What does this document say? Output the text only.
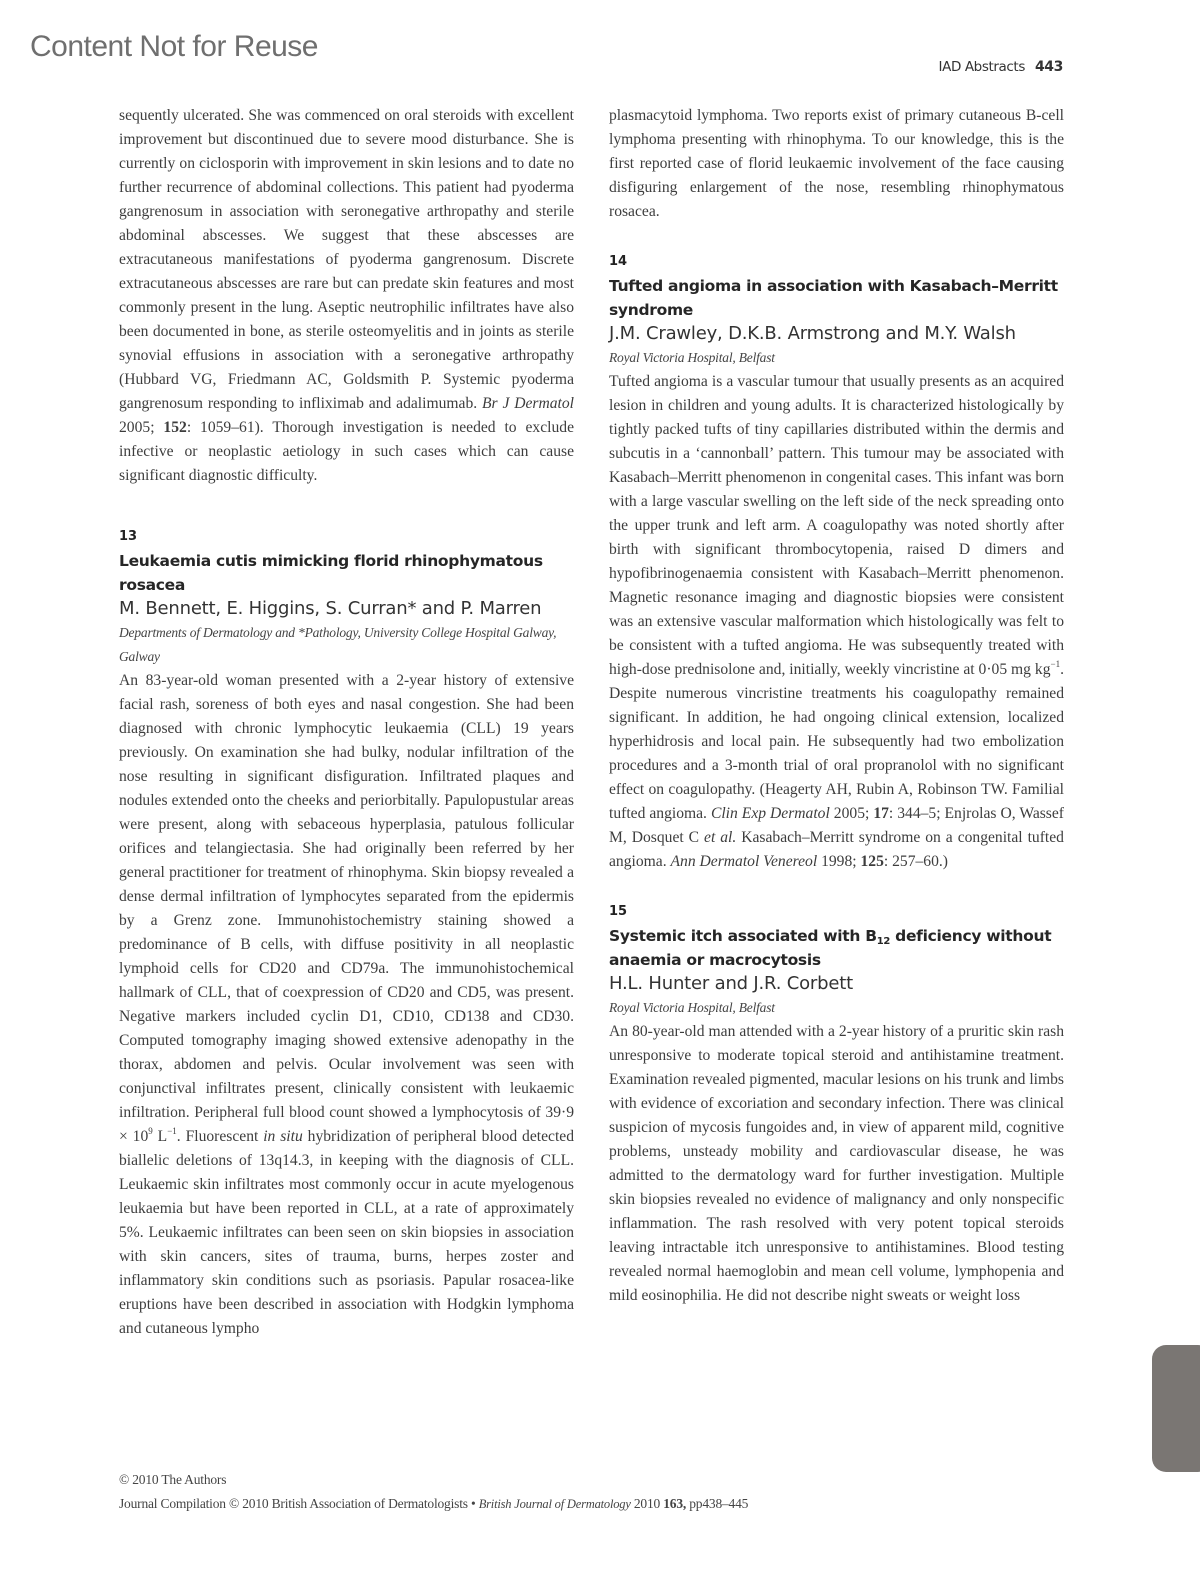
Content Not for Reuse
IAD Abstracts 443

sequently ulcerated. She was commenced on oral steroids with excellent improvement but discontinued due to severe mood disturbance. She is currently on ciclosporin with improvement in skin lesions and to date no further recurrence of abdominal collections. This patient had pyoderma gangrenosum in association with seronegative arthropathy and sterile abdominal abscesses. We suggest that these abscesses are extracutaneous manifestations of pyoderma gangrenosum. Discrete extracutaneous abscesses are rare but can predate skin features and most commonly present in the lung. Aseptic neutrophilic infiltrates have also been documented in bone, as sterile osteomyelitis and in joints as sterile synovial effusions in association with a seronegative arthropathy (Hubbard VG, Friedmann AC, Goldsmith P. Systemic pyoderma gangrenosum responding to infliximab and adalimumab. Br J Dermatol 2005; 152: 1059–61). Thorough investigation is needed to exclude infective or neoplastic aetiology in such cases which can cause significant diagnostic difficulty.

13
Leukaemia cutis mimicking florid rhinophymatous rosacea
M. Bennett, E. Higgins, S. Curran* and P. Marren
Departments of Dermatology and *Pathology, University College Hospital Galway, Galway

An 83-year-old woman presented with a 2-year history of extensive facial rash, soreness of both eyes and nasal congestion. She had been diagnosed with chronic lymphocytic leukaemia (CLL) 19 years previously. On examination she had bulky, nodular infiltration of the nose resulting in significant disfiguration. Infiltrated plaques and nodules extended onto the cheeks and periorbitally. Papulopustular areas were present, along with sebaceous hyperplasia, patulous follicular orifices and telangiectasia. She had originally been referred by her general practitioner for treatment of rhinophyma. Skin biopsy revealed a dense dermal infiltration of lymphocytes separated from the epidermis by a Grenz zone. Immunohistochemistry staining showed a predominance of B cells, with diffuse positivity in all neoplastic lymphoid cells for CD20 and CD79a. The immunohistochemical hallmark of CLL, that of coexpression of CD20 and CD5, was present. Negative markers included cyclin D1, CD10, CD138 and CD30. Computed tomography imaging showed extensive adenopathy in the thorax, abdomen and pelvis. Ocular involvement was seen with conjunctival infiltrates present, clinically consistent with leukaemic infiltration. Peripheral full blood count showed a lymphocytosis of $39\cdot 9 \times 10^9$ $L^{-1}$. Fluorescent in situ hybridization of peripheral blood detected biallelic deletions of 13q14.3, in keeping with the diagnosis of CLL. Leukaemic skin infiltrates most commonly occur in acute myelogenous leukaemia but have been reported in CLL, at a rate of approximately 5%. Leukaemic infiltrates can been seen on skin biopsies in association with skin cancers, sites of trauma, burns, herpes zoster and inflammatory skin conditions such as psoriasis. Papular rosacea-like eruptions have been described in association with Hodgkin lymphoma and cutaneous lympho

plasmacytoid lymphoma. Two reports exist of primary cutaneous B-cell lymphoma presenting with rhinophyma. To our knowledge, this is the first reported case of florid leukaemic involvement of the face causing disfiguring enlargement of the nose, resembling rhinophymatous rosacea.

14
Tufted angioma in association with Kasabach–Merritt syndrome
J.M. Crawley, D.K.B. Armstrong and M.Y. Walsh
Royal Victoria Hospital, Belfast

Tufted angioma is a vascular tumour that usually presents as an acquired lesion in children and young adults. It is characterized histologically by tightly packed tufts of tiny capillaries distributed within the dermis and subcutis in a ‘cannonball’ pattern. This tumour may be associated with Kasabach–Merritt phenomenon in congenital cases. This infant was born with a large vascular swelling on the left side of the neck spreading onto the upper trunk and left arm. A coagulopathy was noted shortly after birth with significant thrombocytopenia, raised D dimers and hypofibrinogenaemia consistent with Kasabach–Merritt phenomenon. Magnetic resonance imaging and diagnostic biopsies were consistent was an extensive vascular malformation which histologically was felt to be consistent with a tufted angioma. He was subsequently treated with high-dose prednisolone and, initially, weekly vincristine at 0·05 mg $kg^{-1}$. Despite numerous vincristine treatments his coagulopathy remained significant. In addition, he had ongoing clinical extension, localized hyperhidrosis and local pain. He subsequently had two embolization procedures and a 3-month trial of oral propranolol with no significant effect on coagulopathy. (Heagerty AH, Rubin A, Robinson TW. Familial tufted angioma. Clin Exp Dermatol 2005; 17: 344–5; Enjrolas O, Wassef M, Dosquet C et al. Kasabach–Merritt syndrome on a congenital tufted angioma. Ann Dermatol Venereol 1998; 125: 257–60.)

15
Systemic itch associated with $B_{12}$ deficiency without anaemia or macrocytosis
H.L. Hunter and J.R. Corbett
Royal Victoria Hospital, Belfast

An 80-year-old man attended with a 2-year history of a pruritic skin rash unresponsive to moderate topical steroid and antihistamine treatment. Examination revealed pigmented, macular lesions on his trunk and limbs with evidence of excoriation and secondary infection. There was clinical suspicion of mycosis fungoides and, in view of apparent mild, cognitive problems, unsteady mobility and cardiovascular disease, he was admitted to the dermatology ward for further investigation. Multiple skin biopsies revealed no evidence of malignancy and only nonspecific inflammation. The rash resolved with very potent topical steroids leaving intractable itch unresponsive to antihistamines. Blood testing revealed normal haemoglobin and mean cell volume, lymphopenia and mild eosinophilia. He did not describe night sweats or weight loss

© 2010 The Authors
Journal Compilation © 2010 British Association of Dermatologists • British Journal of Dermatology 2010 163, pp438–445
